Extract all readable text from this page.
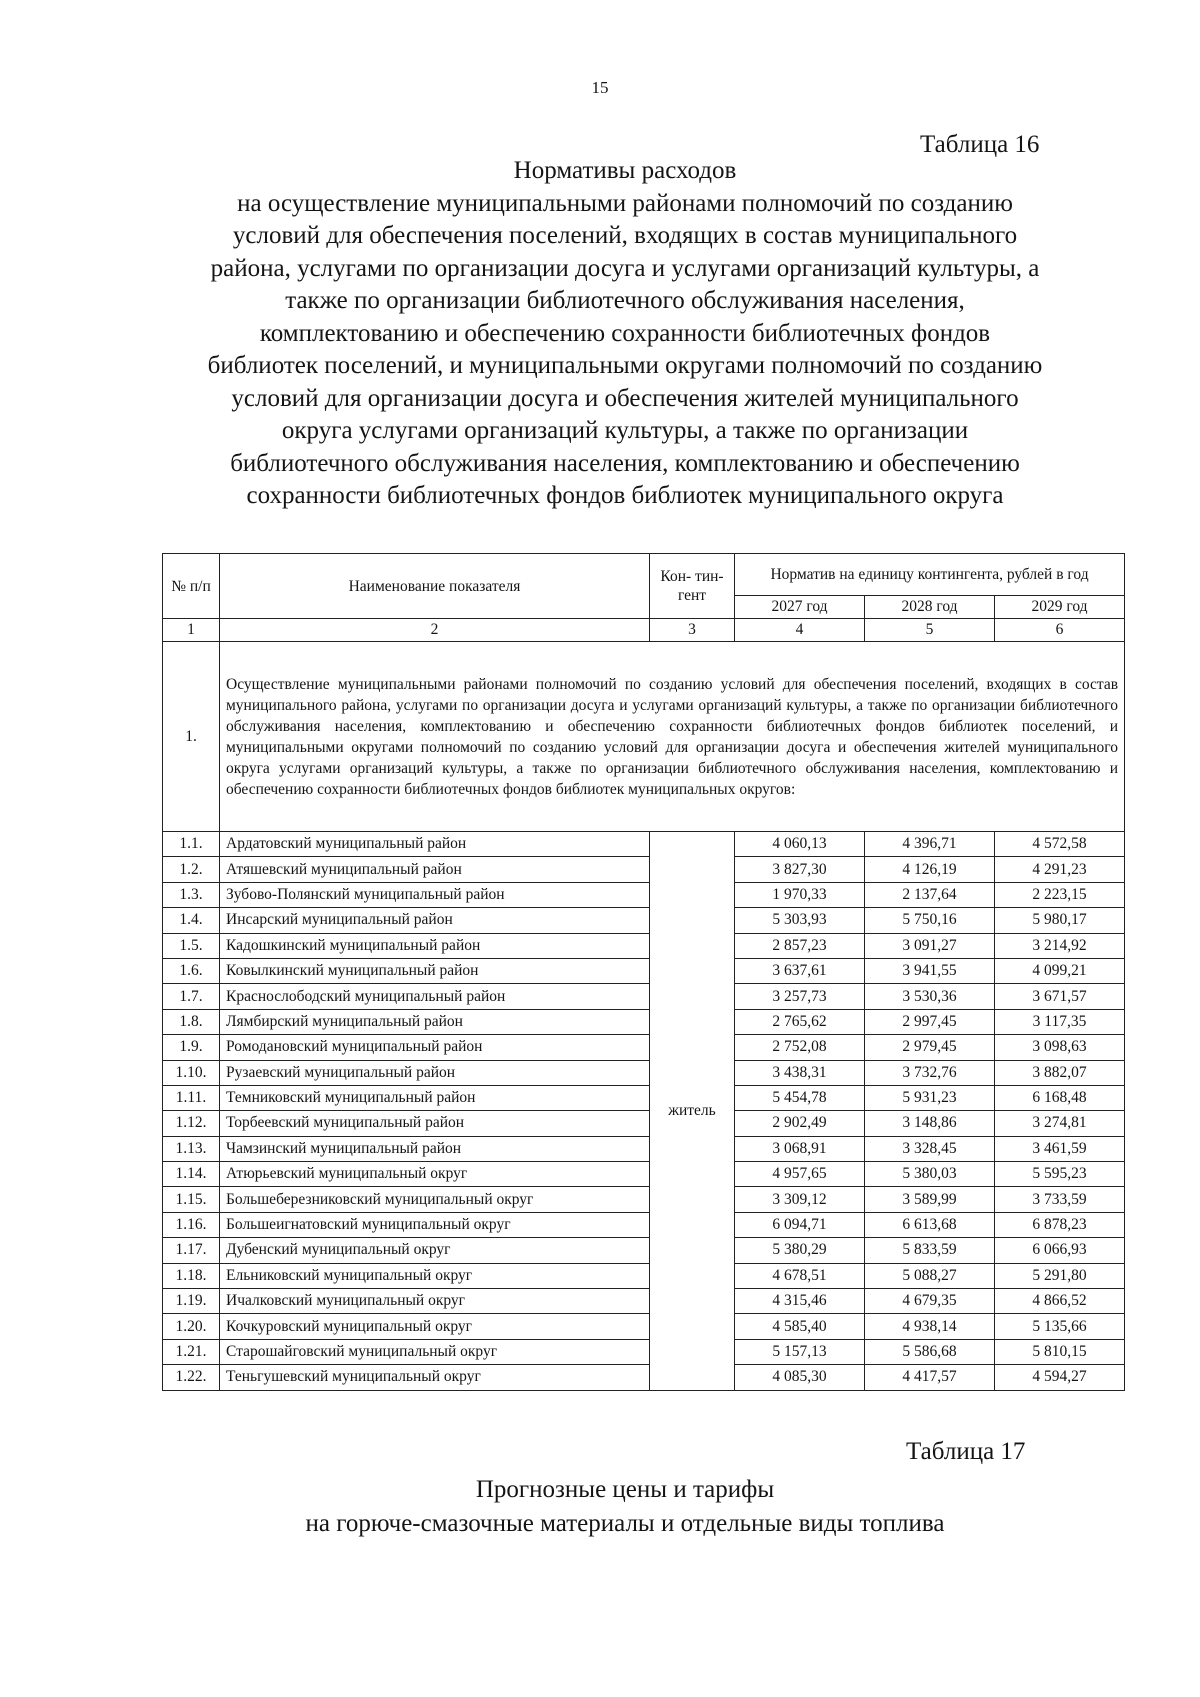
15
Таблица 16
Нормативы расходов
на осуществление муниципальными районами полномочий по созданию
условий для обеспечения поселений, входящих в состав муниципального
района, услугами по организации досуга и услугами организаций культуры, а
также по организации библиотечного обслуживания населения,
комплектованию и обеспечению сохранности библиотечных фондов
библиотек поселений, и муниципальными округами полномочий по созданию
условий для организации досуга и обеспечения жителей муниципального
округа услугами организаций культуры, а также по организации
библиотечного обслуживания населения, комплектованию и обеспечению
сохранности библиотечных фондов библиотек муниципального округа
№ п/п	Наименование показателя	Кон- тин- гент	Норматив на единицу контингента, рублей в год		
			2027 год	2028 год	2029 год
1	2	3	4	5	6
1.	Осуществление муниципальными районами полномочий по созданию условий для обеспечения поселений, входящих в состав муниципального района, услугами по организации досуга и услугами организаций культуры, а также по организации библиотечного обслуживания населения, комплектованию и обеспечению сохранности библиотечных фондов библиотек поселений, и муниципальными округами полномочий по созданию условий для организации досуга и обеспечения жителей муниципального округа услугами организаций культуры, а также по организации библиотечного обслуживания населения, комплектованию и обеспечению сохранности библиотечных фондов библиотек муниципальных округов:				
1.1.	Ардатовский муниципальный район	житель	4 060,13	4 396,71	4 572,58
1.2.	Атяшевский муниципальный район		3 827,30	4 126,19	4 291,23
1.3.	Зубово-Полянский муниципальный район		1 970,33	2 137,64	2 223,15
1.4.	Инсарский муниципальный район		5 303,93	5 750,16	5 980,17
1.5.	Кадошкинский муниципальный район		2 857,23	3 091,27	3 214,92
1.6.	Ковылкинский муниципальный район		3 637,61	3 941,55	4 099,21
1.7.	Краснослободский муниципальный район		3 257,73	3 530,36	3 671,57
1.8.	Лямбирский муниципальный район		2 765,62	2 997,45	3 117,35
1.9.	Ромодановский муниципальный район		2 752,08	2 979,45	3 098,63
1.10.	Рузаевский муниципальный район		3 438,31	3 732,76	3 882,07
1.11.	Темниковский муниципальный район		5 454,78	5 931,23	6 168,48
1.12.	Торбеевский муниципальный район		2 902,49	3 148,86	3 274,81
1.13.	Чамзинский муниципальный район		3 068,91	3 328,45	3 461,59
1.14.	Атюрьевский муниципальный округ		4 957,65	5 380,03	5 595,23
1.15.	Большеберезниковский муниципальный округ		3 309,12	3 589,99	3 733,59
1.16.	Большеигнатовский муниципальный округ		6 094,71	6 613,68	6 878,23
1.17.	Дубенский муниципальный округ		5 380,29	5 833,59	6 066,93
1.18.	Ельниковский муниципальный округ		4 678,51	5 088,27	5 291,80
1.19.	Ичалковский муниципальный округ		4 315,46	4 679,35	4 866,52
1.20.	Кочкуровский муниципальный округ		4 585,40	4 938,14	5 135,66
1.21.	Старошайговский муниципальный округ		5 157,13	5 586,68	5 810,15
1.22.	Теньгушевский муниципальный округ		4 085,30	4 417,57	4 594,27
Таблица 17
Прогнозные цены и тарифы
на горюче-смазочные материалы и отдельные виды топлива
